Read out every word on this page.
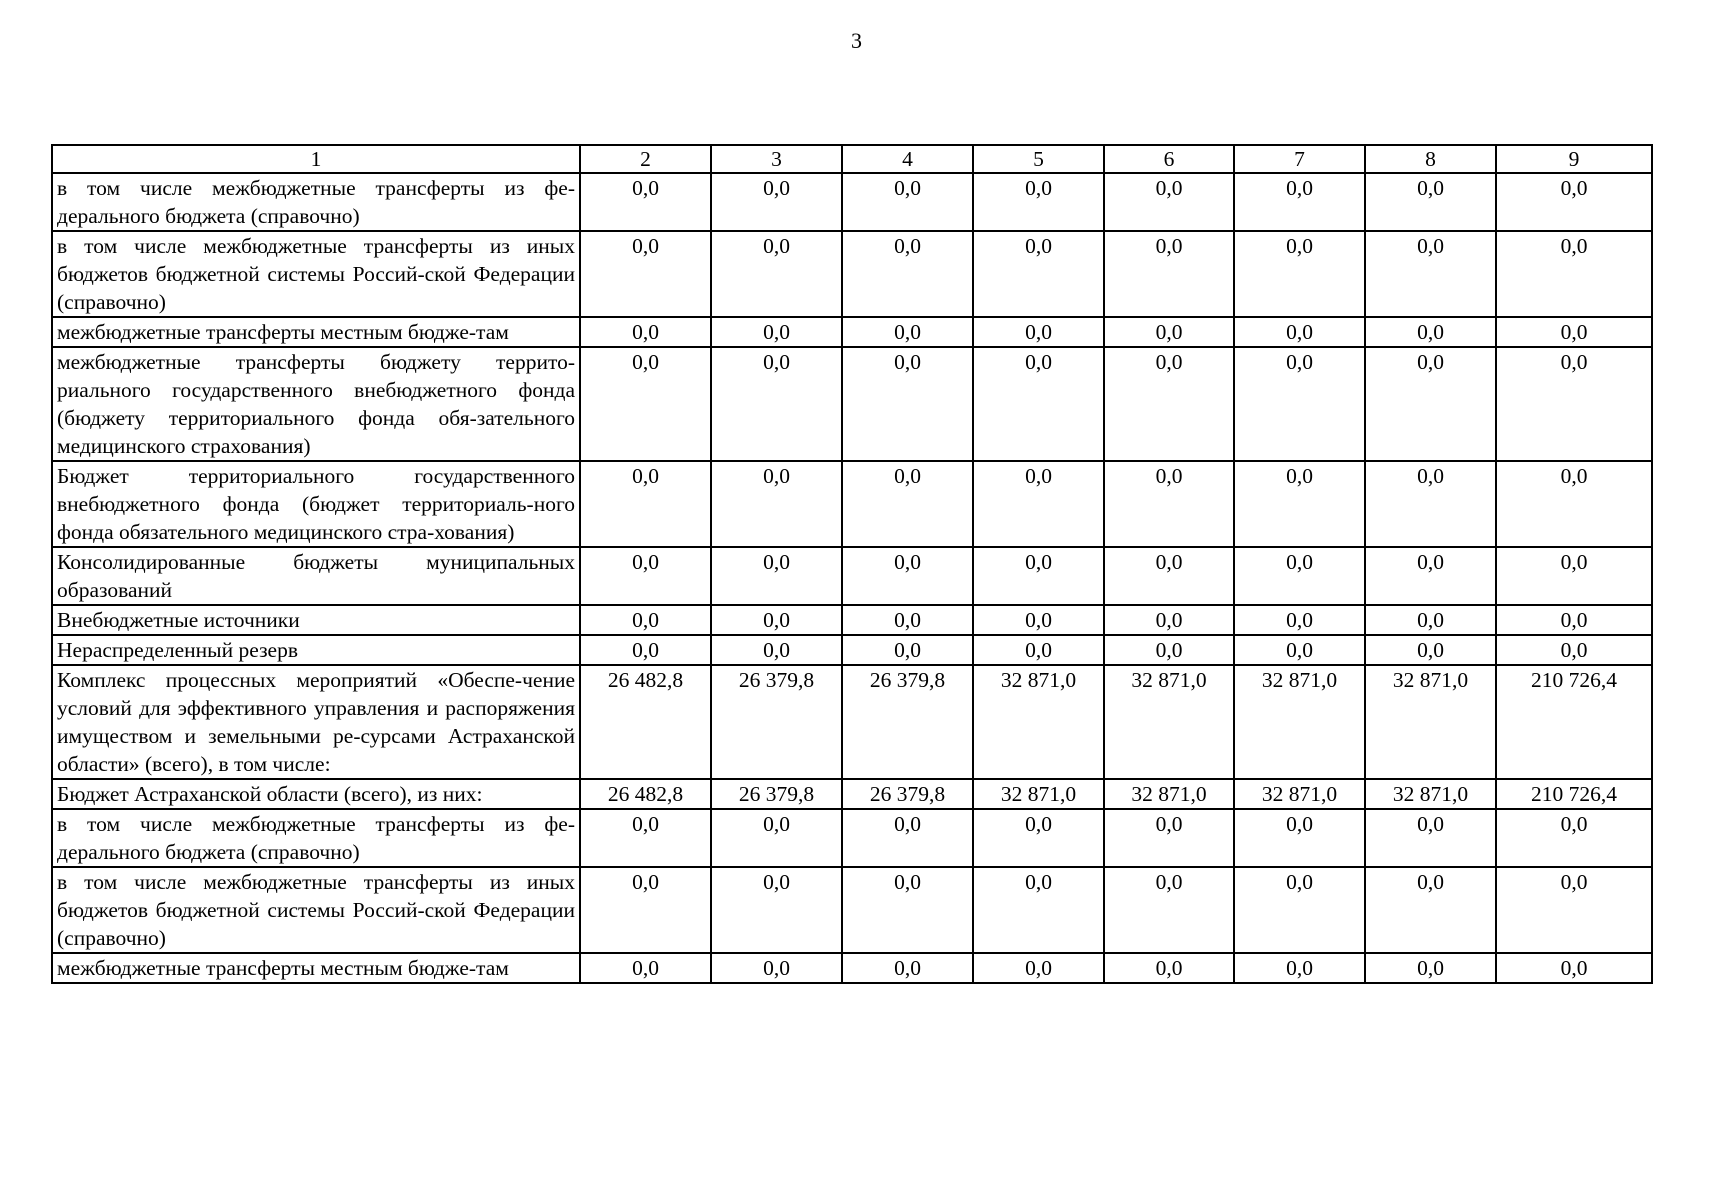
3
1	2	3	4	5	6	7	8	9
в том числе межбюджетные трансферты из фе-дерального бюджета (справочно)	0,0	0,0	0,0	0,0	0,0	0,0	0,0	0,0
в том числе межбюджетные трансферты из иных бюджетов бюджетной системы Россий-ской Федерации (справочно)	0,0	0,0	0,0	0,0	0,0	0,0	0,0	0,0
межбюджетные трансферты местным бюдже-там	0,0	0,0	0,0	0,0	0,0	0,0	0,0	0,0
межбюджетные трансферты бюджету террито-риального государственного внебюджетного фонда (бюджету территориального фонда обя-зательного медицинского страхования)	0,0	0,0	0,0	0,0	0,0	0,0	0,0	0,0
Бюджет территориального государственного внебюджетного фонда (бюджет территориаль-ного фонда обязательного медицинского стра-хования)	0,0	0,0	0,0	0,0	0,0	0,0	0,0	0,0
Консолидированные бюджеты муниципальных образований	0,0	0,0	0,0	0,0	0,0	0,0	0,0	0,0
Внебюджетные источники	0,0	0,0	0,0	0,0	0,0	0,0	0,0	0,0
Нераспределенный резерв	0,0	0,0	0,0	0,0	0,0	0,0	0,0	0,0
Комплекс процессных мероприятий «Обеспе-чение условий для эффективного управления и распоряжения имуществом и земельными ре-сурсами Астраханской области» (всего), в том числе:	26 482,8	26 379,8	26 379,8	32 871,0	32 871,0	32 871,0	32 871,0	210 726,4
Бюджет Астраханской области (всего), из них:	26 482,8	26 379,8	26 379,8	32 871,0	32 871,0	32 871,0	32 871,0	210 726,4
в том числе межбюджетные трансферты из фе-дерального бюджета (справочно)	0,0	0,0	0,0	0,0	0,0	0,0	0,0	0,0
в том числе межбюджетные трансферты из иных бюджетов бюджетной системы Россий-ской Федерации (справочно)	0,0	0,0	0,0	0,0	0,0	0,0	0,0	0,0
межбюджетные трансферты местным бюдже-там	0,0	0,0	0,0	0,0	0,0	0,0	0,0	0,0
